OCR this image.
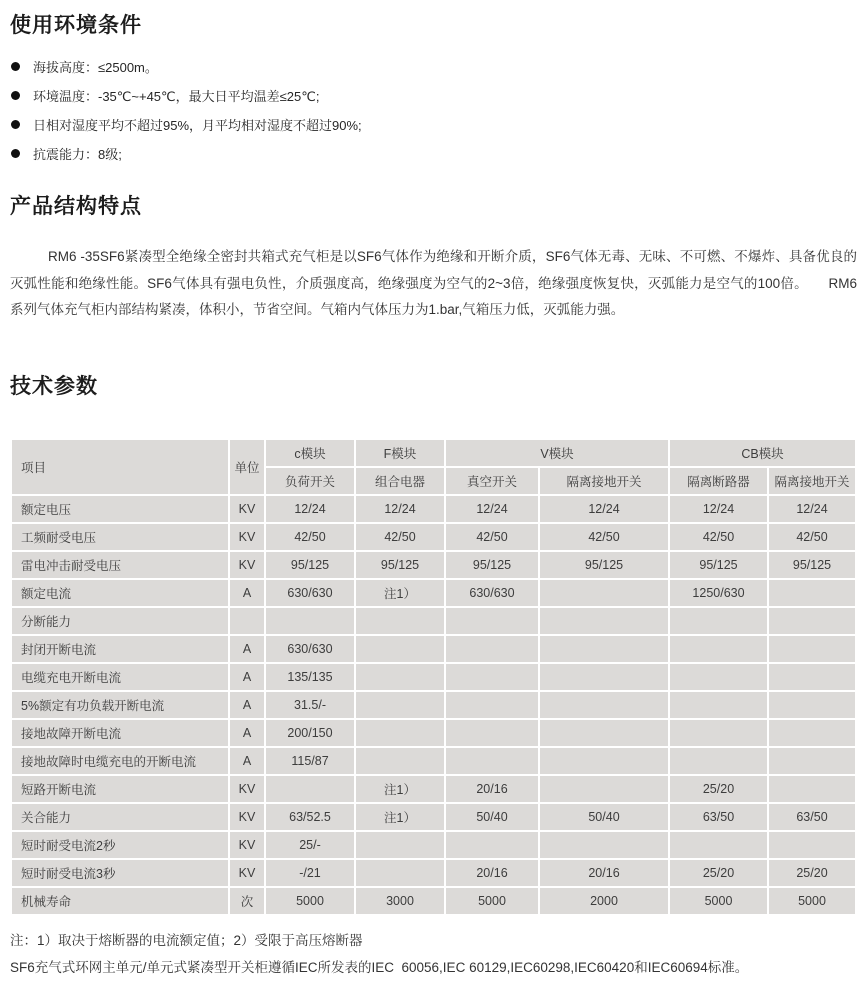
使用环境条件
海拔高度：≤2500m。
环境温度：-35℃~+45℃，最大日平均温差≤25℃;
日相对湿度平均不超过95%，月平均相对湿度不超过90%;
抗震能力：8级;
产品结构特点

RM6 -35SF6紧凑型全绝缘全密封共箱式充气柜是以SF6气体作为绝缘和开断介质，SF6气体无毒、无味、不可燃、不爆炸、具备优良的灭弧性能和绝缘性能。SF6气体具有强电负性，介质强度高，绝缘强度为空气的2~3倍，绝缘强度恢复快，灭弧能力是空气的100倍。　　RM6 系列气体充气柜内部结构紧凑，体积小，节省空间。气箱内气体压力为1.bar,气箱压力低，灭弧能力强。

技术参数
项目	单位	c模块	F模块	V模块		CB模块	
		负荷开关	组合电器	真空开关	隔离接地开关	隔离断路器	隔离接地开关
额定电压	KV	12/24	12/24	12/24	12/24	12/24	12/24
工频耐受电压	KV	42/50	42/50	42/50	42/50	42/50	42/50
雷电冲击耐受电压	KV	95/125	95/125	95/125	95/125	95/125	95/125
额定电流	A	630/630	注1）	630/630		1250/630	
分断能力							
封闭开断电流	A	630/630					
电缆充电开断电流	A	135/135					
5%额定有功负载开断电流	A	31.5/-					
接地故障开断电流	A	200/150					
接地故障时电缆充电的开断电流	A	115/87					
短路开断电流	KV		注1）	20/16		25/20	
关合能力	KV	63/52.5	注1）	50/40	50/40	63/50	63/50
短时耐受电流2秒	KV	25/-					
短时耐受电流3秒	KV	-/21		20/16	20/16	25/20	25/20
机械寿命	次	5000	3000	5000	2000	5000	5000
注：1）取决于熔断器的电流额定值；2）受限于高压熔断器
SF6充气式环网主单元/单元式紧凑型开关柜遵循IEC所发表的IEC  60056,IEC 60129,IEC60298,IEC60420和IEC60694标准。
